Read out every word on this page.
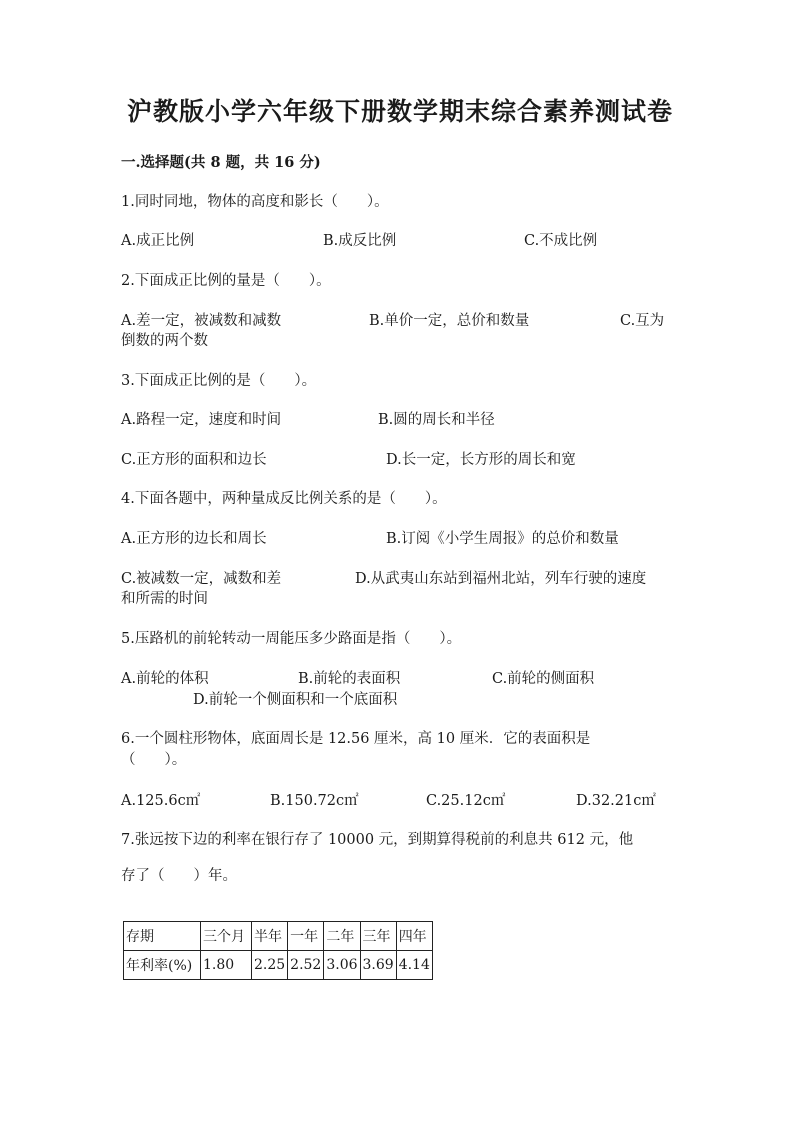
沪教版小学六年级下册数学期末综合素养测试卷
一.选择题(共 8 题，共 16 分)
1.同时同地，物体的高度和影长（　　）。
A.成正比例	B.成反比例	C.不成比例
2.下面成正比例的量是（　　）。
A.差一定，被减数和减数	B.单价一定，总价和数量	C.互为
倒数的两个数
3.下面成正比例的是（　　）。
A.路程一定，速度和时间	B.圆的周长和半径
C.正方形的面积和边长	D.长一定，长方形的周长和宽
4.下面各题中，两种量成反比例关系的是（　　）。
A.正方形的边长和周长	B.订阅《小学生周报》的总价和数量
C.被减数一定，减数和差	D.从武夷山东站到福州北站，列车行驶的速度
和所需的时间
5.压路机的前轮转动一周能压多少路面是指（　　）。
A.前轮的体积	B.前轮的表面积	C.前轮的侧面积
D.前轮一个侧面积和一个底面积
6.一个圆柱形物体，底面周长是 12.56 厘米，高 10 厘米．它的表面积是
（　　）。
A.125.6c㎡	B.150.72c㎡	C.25.12c㎡	D.32.21c㎡
7.张远按下边的利率在银行存了 10000 元，到期算得税前的利息共 612 元，他
存了（　　）年。
存期	三个月	半年	一年	二年	三年	四年
年利率(%)	1.80	2.25	2.52	3.06	3.69	4.14
